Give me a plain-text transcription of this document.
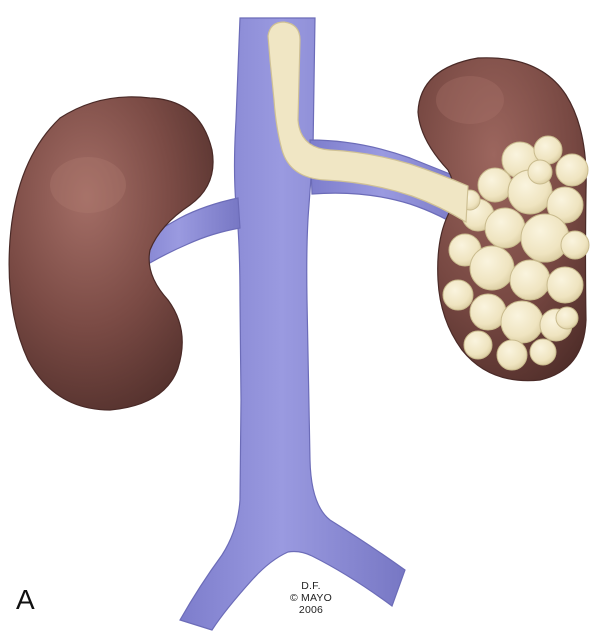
A	D.F.
© MAYO
2006
